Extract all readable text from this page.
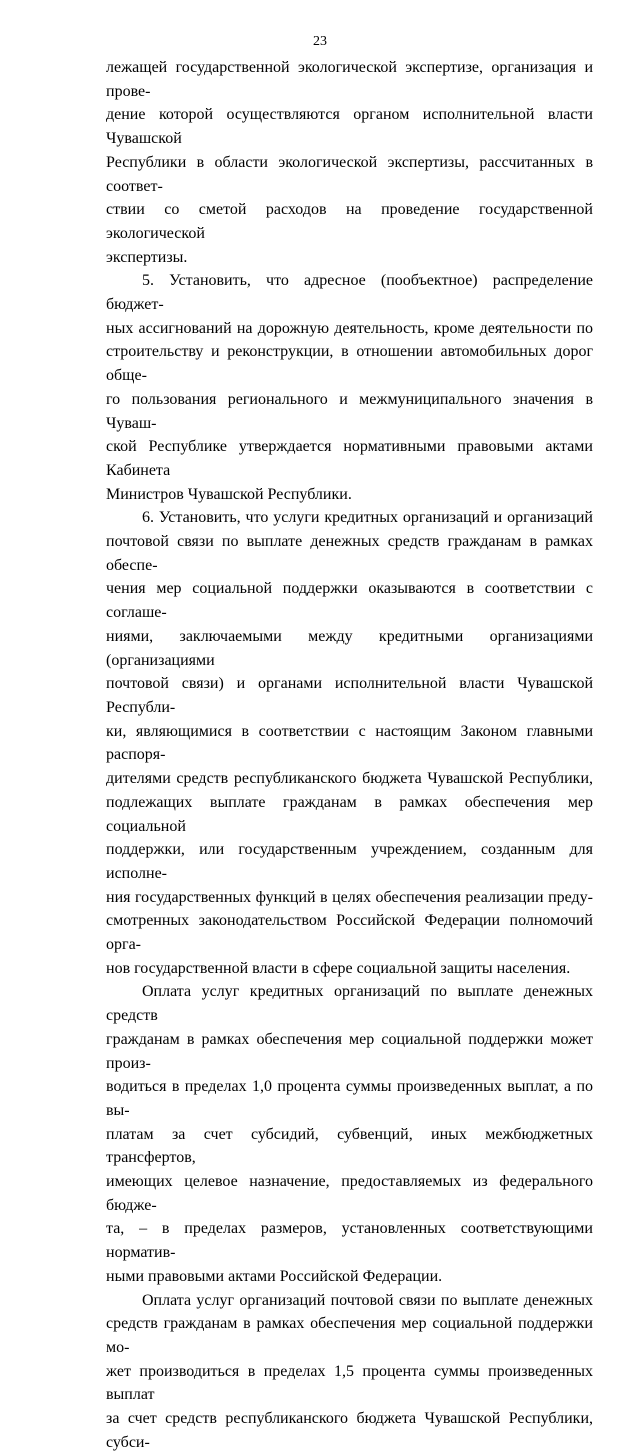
23
лежащей государственной экологической экспертизе, организация и прове-
дение которой осуществляются органом исполнительной власти Чувашской
Республики в области экологической экспертизы, рассчитанных в соответ-
ствии со сметой расходов на проведение государственной экологической
экспертизы.
5. Установить, что адресное (пообъектное) распределение бюджет-
ных ассигнований на дорожную деятельность, кроме деятельности по
строительству и реконструкции, в отношении автомобильных дорог обще-
го пользования регионального и межмуниципального значения в Чуваш-
ской Республике утверждается нормативными правовыми актами Кабинета
Министров Чувашской Республики.
6. Установить, что услуги кредитных организаций и организаций
почтовой связи по выплате денежных средств гражданам в рамках обеспе-
чения мер социальной поддержки оказываются в соответствии с соглаше-
ниями, заключаемыми между кредитными организациями (организациями
почтовой связи) и органами исполнительной власти Чувашской Республи-
ки, являющимися в соответствии с настоящим Законом главными распоря-
дителями средств республиканского бюджета Чувашской Республики,
подлежащих выплате гражданам в рамках обеспечения мер социальной
поддержки, или государственным учреждением, созданным для исполне-
ния государственных функций в целях обеспечения реализации преду-
смотренных законодательством Российской Федерации полномочий орга-
нов государственной власти в сфере социальной защиты населения.
Оплата услуг кредитных организаций по выплате денежных средств
гражданам в рамках обеспечения мер социальной поддержки может произ-
водиться в пределах 1,0 процента суммы произведенных выплат, а по вы-
платам за счет субсидий, субвенций, иных межбюджетных трансфертов,
имеющих целевое назначение, предоставляемых из федерального бюдже-
та, – в пределах размеров, установленных соответствующими норматив-
ными правовыми актами Российской Федерации.
Оплата услуг организаций почтовой связи по выплате денежных
средств гражданам в рамках обеспечения мер социальной поддержки мо-
жет производиться в пределах 1,5 процента суммы произведенных выплат
за счет средств республиканского бюджета Чувашской Республики, субси-
